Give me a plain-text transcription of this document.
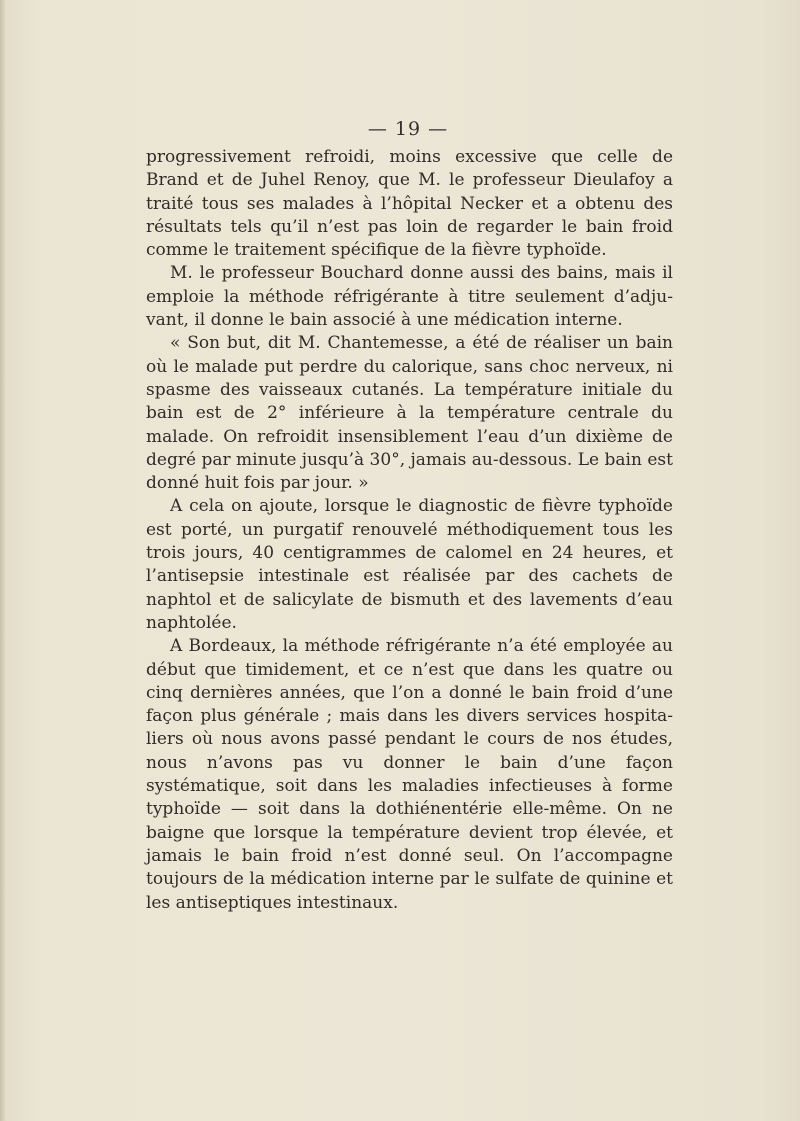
— 19 —

progressivement refroidi, moins excessive que celle de Brand et de Juhel Renoy, que M. le professeur Dieulafoy a traité tous ses malades à l’hôpital Necker et a obtenu des résultats tels qu’il n’est pas loin de regarder le bain froid comme le traitement spécifique de la fièvre typhoïde.

M. le professeur Bouchard donne aussi des bains, mais il emploie la méthode réfrigérante à titre seulement d’adjuvant, il donne le bain associé à une médication interne.

« Son but, dit M. Chantemesse, a été de réaliser un bain où le malade put perdre du calorique, sans choc nerveux, ni spasme des vaisseaux cutanés. La température initiale du bain est de 2° inférieure à la température centrale du malade. On refroidit insensiblement l’eau d’un dixième de degré par minute jusqu’à 30°, jamais au-dessous. Le bain est donné huit fois par jour. »

A cela on ajoute, lorsque le diagnostic de fièvre typhoïde est porté, un purgatif renouvelé méthodiquement tous les trois jours, 40 centigrammes de calomel en 24 heures, et l’antisepsie intestinale est réalisée par des cachets de naphtol et de salicylate de bismuth et des lavements d’eau naphtolée.

A Bordeaux, la méthode réfrigérante n’a été employée au début que timidement, et ce n’est que dans les quatre ou cinq dernières années, que l’on a donné le bain froid d’une façon plus générale ; mais dans les divers services hospitaliers où nous avons passé pendant le cours de nos études, nous n’avons pas vu donner le bain d’une façon systématique, soit dans les maladies infectieuses à forme typhoïde — soit dans la dothiénentérie elle-même. On ne baigne que lorsque la température devient trop élevée, et jamais le bain froid n’est donné seul. On l’accompagne toujours de la médication interne par le sulfate de quinine et les antiseptiques intestinaux.
